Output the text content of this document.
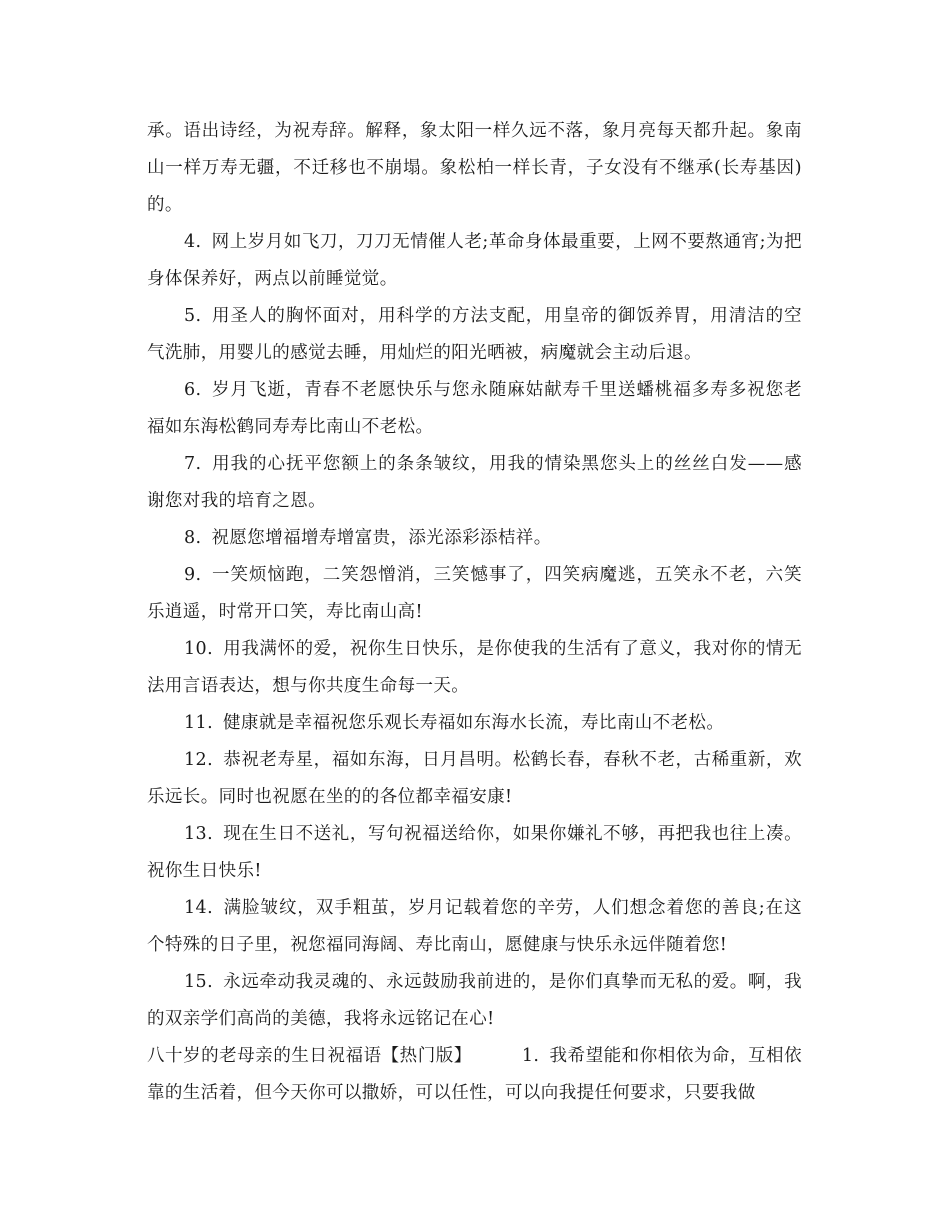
承。语出诗经，为祝寿辞。解释，象太阳一样久远不落，象月亮每天都升起。象南山一样万寿无疆，不迁移也不崩塌。象松柏一样长青，子女没有不继承(长寿基因)的。

4. 网上岁月如飞刀，刀刀无情催人老;革命身体最重要，上网不要熬通宵;为把身体保养好，两点以前睡觉觉。

5. 用圣人的胸怀面对，用科学的方法支配，用皇帝的御饭养胃，用清洁的空气洗肺，用婴儿的感觉去睡，用灿烂的阳光晒被，病魔就会主动后退。

6. 岁月飞逝，青春不老愿快乐与您永随麻姑献寿千里送蟠桃福多寿多祝您老福如东海松鹤同寿寿比南山不老松。

7. 用我的心抚平您额上的条条皱纹，用我的情染黑您头上的丝丝白发——感谢您对我的培育之恩。

8. 祝愿您增福增寿增富贵，添光添彩添桔祥。

9. 一笑烦恼跑，二笑怨憎消，三笑憾事了，四笑病魔逃，五笑永不老，六笑乐逍遥，时常开口笑，寿比南山高!

10. 用我满怀的爱，祝你生日快乐，是你使我的生活有了意义，我对你的情无法用言语表达，想与你共度生命每一天。

11. 健康就是幸福祝您乐观长寿福如东海水长流，寿比南山不老松。

12. 恭祝老寿星，福如东海，日月昌明。松鹤长春，春秋不老，古稀重新，欢乐远长。同时也祝愿在坐的的各位都幸福安康!

13. 现在生日不送礼，写句祝福送给你，如果你嫌礼不够，再把我也往上凑。祝你生日快乐!

14. 满脸皱纹，双手粗茧，岁月记载着您的辛劳，人们想念着您的善良;在这个特殊的日子里，祝您福同海阔、寿比南山，愿健康与快乐永远伴随着您!

15. 永远牵动我灵魂的、永远鼓励我前进的，是你们真挚而无私的爱。啊，我的双亲学们高尚的美德，我将永远铭记在心!

八十岁的老母亲的生日祝福语【热门版】	1. 我希望能和你相依为命，互相依靠的生活着，但今天你可以撒娇，可以任性，可以向我提任何要求，只要我做
